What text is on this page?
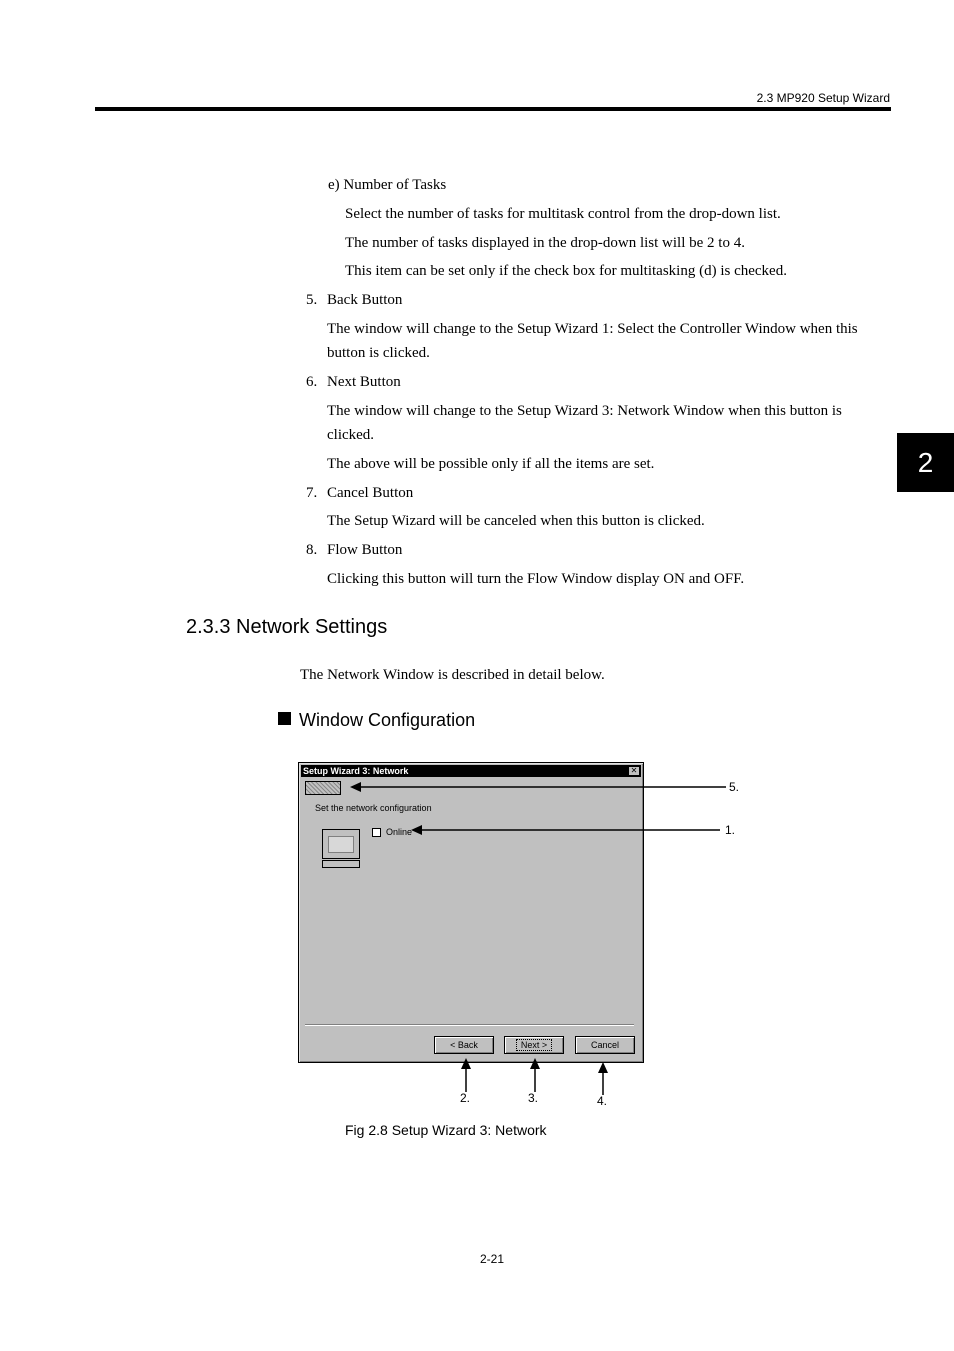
2.3 MP920 Setup Wizard
2
e) Number of Tasks
Select the number of tasks for multitask control from the drop-down list.
The number of tasks displayed in the drop-down list will be 2 to 4.
This item can be set only if the check box for multitasking (d) is checked.
5. Back Button
The window will change to the Setup Wizard 1: Select the Controller Window when this
button is clicked.
6. Next Button
The window will change to the Setup Wizard 3: Network Window when this button is
clicked.
The above will be possible only if all the items are set.
7. Cancel Button
The Setup Wizard will be canceled when this button is clicked.
8. Flow Button
Clicking this button will turn the Flow Window display ON and OFF.
2.3.3 Network Settings
The Network Window is described in detail below.
Window Configuration
Setup Wizard 3: Network	✕
Set the network configuration
Online
< Back	Next >	Cancel
5.
1.
2.	3.	4.
Fig 2.8 Setup Wizard 3: Network
2-21
